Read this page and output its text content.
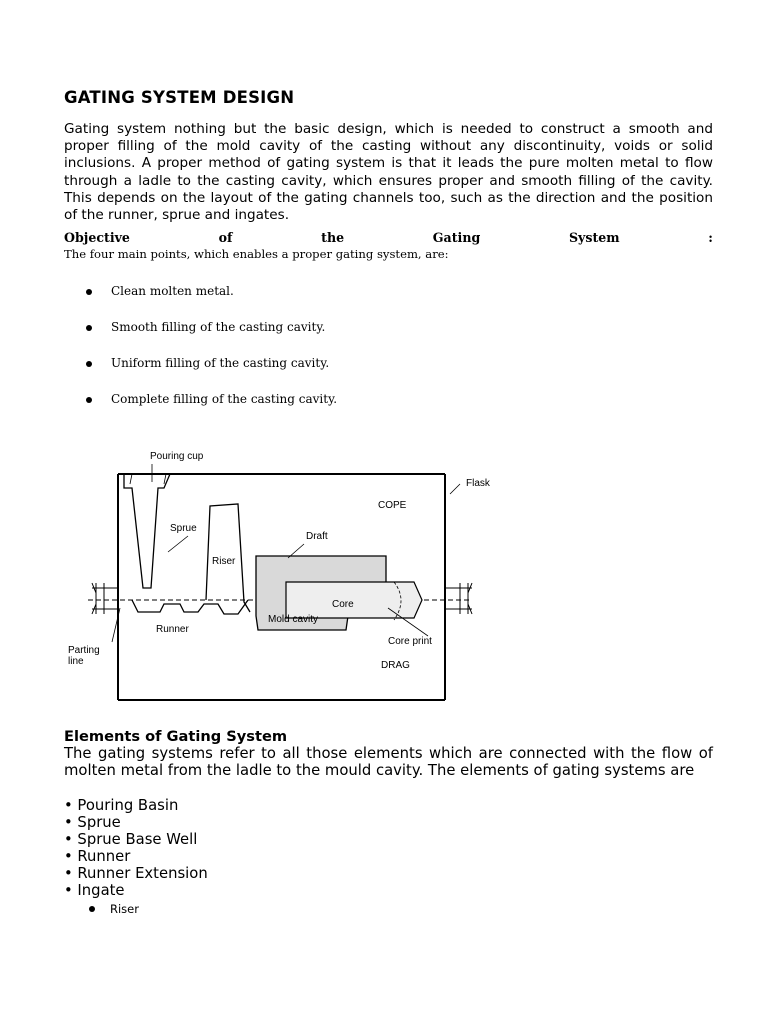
GATING SYSTEM DESIGN

Gating system nothing but the basic design, which is needed to construct a smooth and proper filling of the mold cavity of the casting without any discontinuity, voids or solid inclusions. A proper method of gating system is that it leads the pure molten metal to flow through a ladle to the casting cavity, which ensures proper and smooth filling of the cavity. This depends on the layout of the gating channels too, such as the direction and the position of the runner, sprue and ingates.

Objective	of	the	Gating	System	:
The four main points, which enables a proper gating system, are:
Clean molten metal.
Smooth filling of the casting cavity.
Uniform filling of the casting cavity.
Complete filling of the casting cavity.
Pouring cup
Flask
COPE
Sprue
Draft
Riser
Core
Runner
Mold cavity
Core print
Parting
line	DRAG
Elements of Gating System

The gating systems refer to all those elements which are connected with the flow of molten metal from the ladle to the mould cavity. The elements of gating systems are

• Pouring Basin
• Sprue
• Sprue Base Well
• Runner
• Runner Extension
• Ingate
Riser
